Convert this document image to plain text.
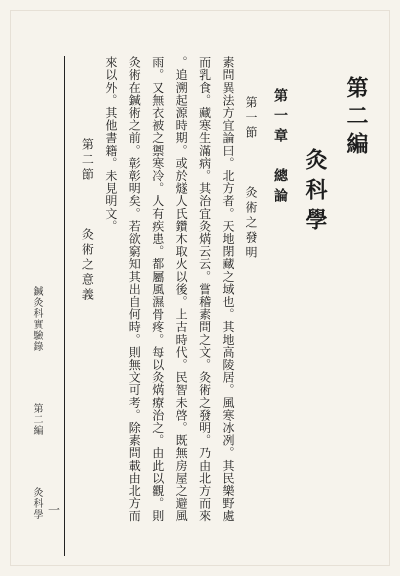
鍼灸科實驗錄 　 第二編 　 灸科學 一
第二編
灸科學
第一章　總論
第一節　　　灸術之發明
素問異法方宜論曰。北方者。天地閉藏之域也。其地高陵居。風寒冰冽。其民樂野處
而乳食。藏寒生滿病。其治宜灸焫云云。嘗稽素問之文。灸術之發明。乃由北方而來
。追溯起源時期。或於燧人氏鑽木取火以後。上古時代。民智未啓。既無房屋之避風
雨。又無衣被之禦寒冷。人有疾患。都屬風濕骨疼。每以灸焫療治之。由此以觀。則
灸術在鍼術之前。彰彰明矣。若欲窮知其出自何時。則無文可考。除素問載由北方而
來以外。其他書籍。未見明文。
第二節　　　灸術之意義
